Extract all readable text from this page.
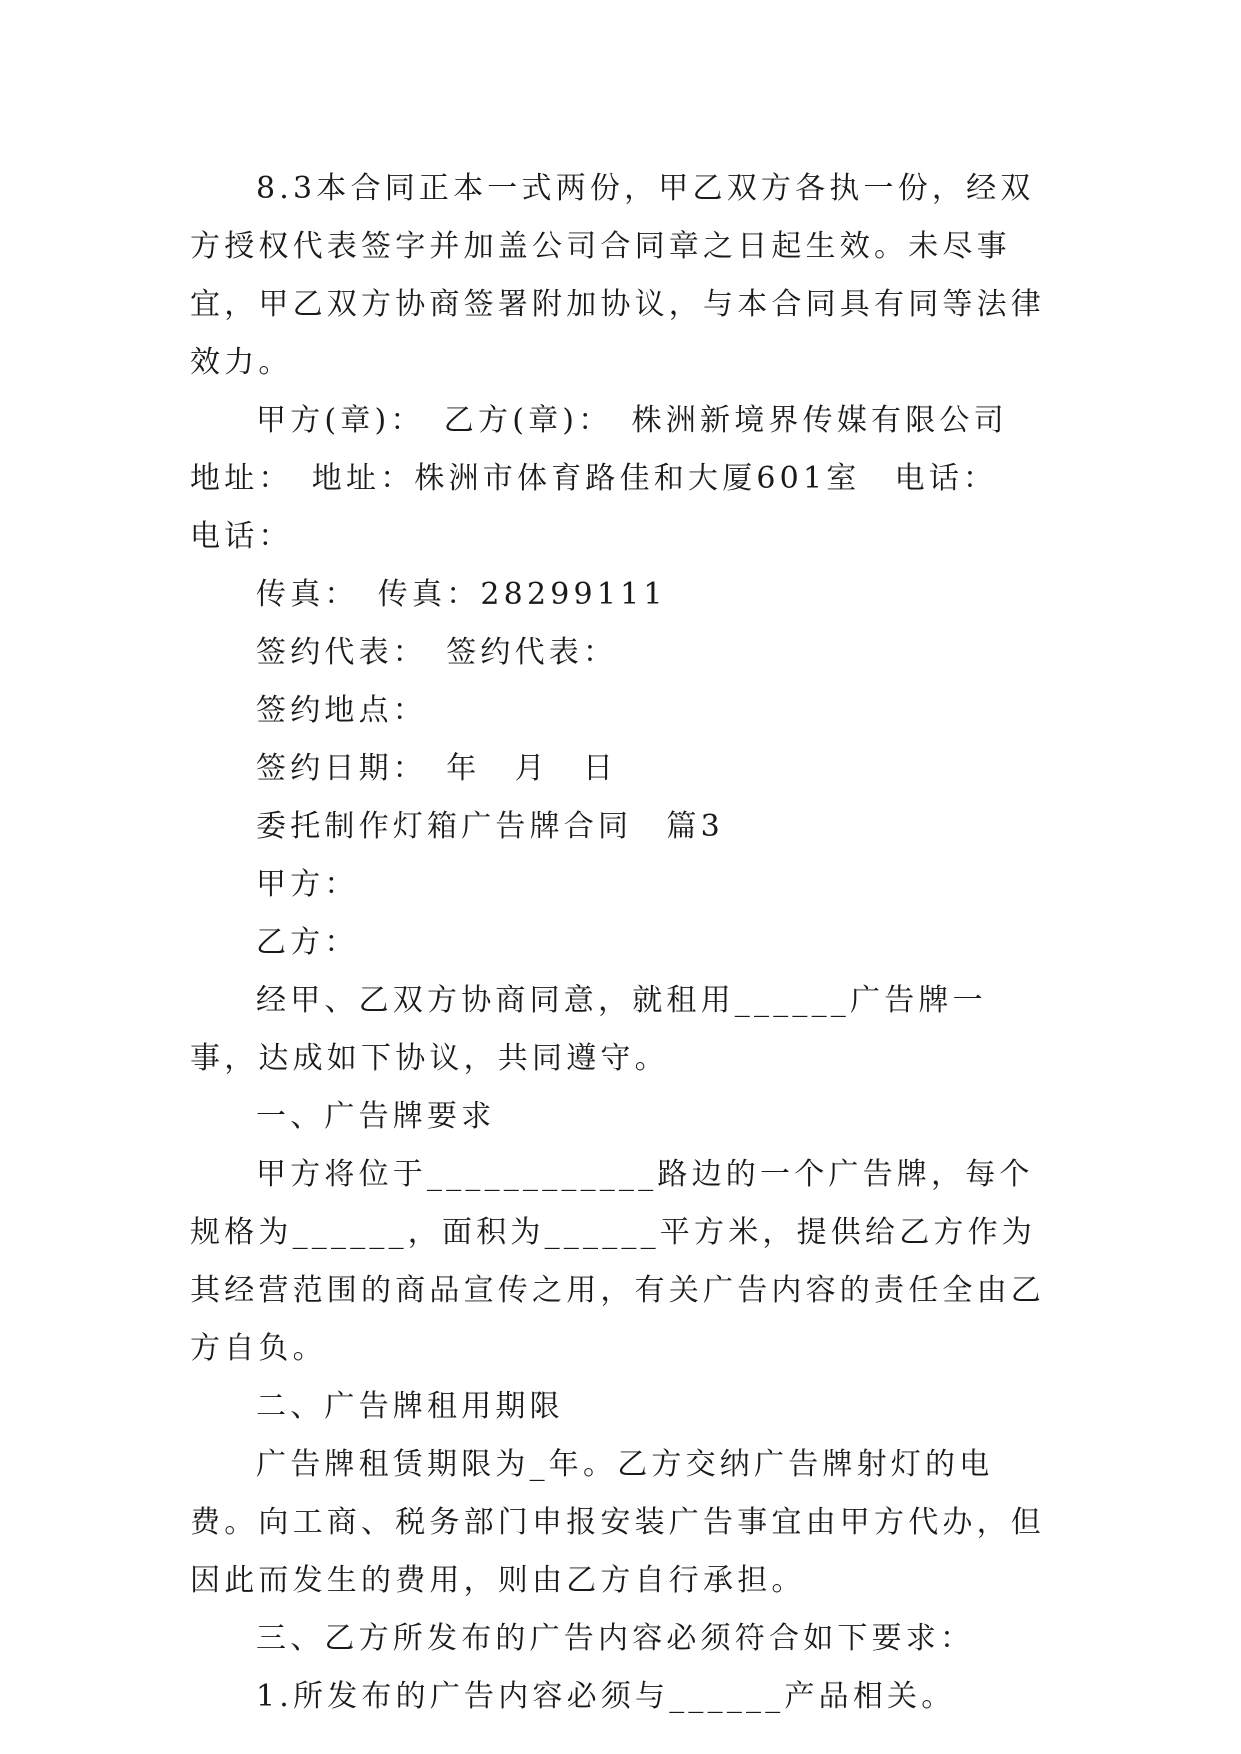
8.3本合同正本一式两份，甲乙双方各执一份，经双方授权代表签字并加盖公司合同章之日起生效。未尽事宜，甲乙双方协商签署附加协议，与本合同具有同等法律效力。

甲方(章)：　乙方(章)：　株洲新境界传媒有限公司　地址：　地址：株洲市体育路佳和大厦601室　电话：　电话：

传真：　传真：28299111

签约代表：　签约代表：

签约地点：

签约日期：　年　月　日

委托制作灯箱广告牌合同　篇3

甲方：

乙方：

经甲、乙双方协商同意，就租用______广告牌一事，达成如下协议，共同遵守。

一、广告牌要求

甲方将位于____________路边的一个广告牌，每个规格为______，面积为______平方米，提供给乙方作为其经营范围的商品宣传之用，有关广告内容的责任全由乙方自负。

二、广告牌租用期限

广告牌租赁期限为_年。乙方交纳广告牌射灯的电费。向工商、税务部门申报安装广告事宜由甲方代办，但因此而发生的费用，则由乙方自行承担。

三、乙方所发布的广告内容必须符合如下要求：

1.所发布的广告内容必须与______产品相关。
